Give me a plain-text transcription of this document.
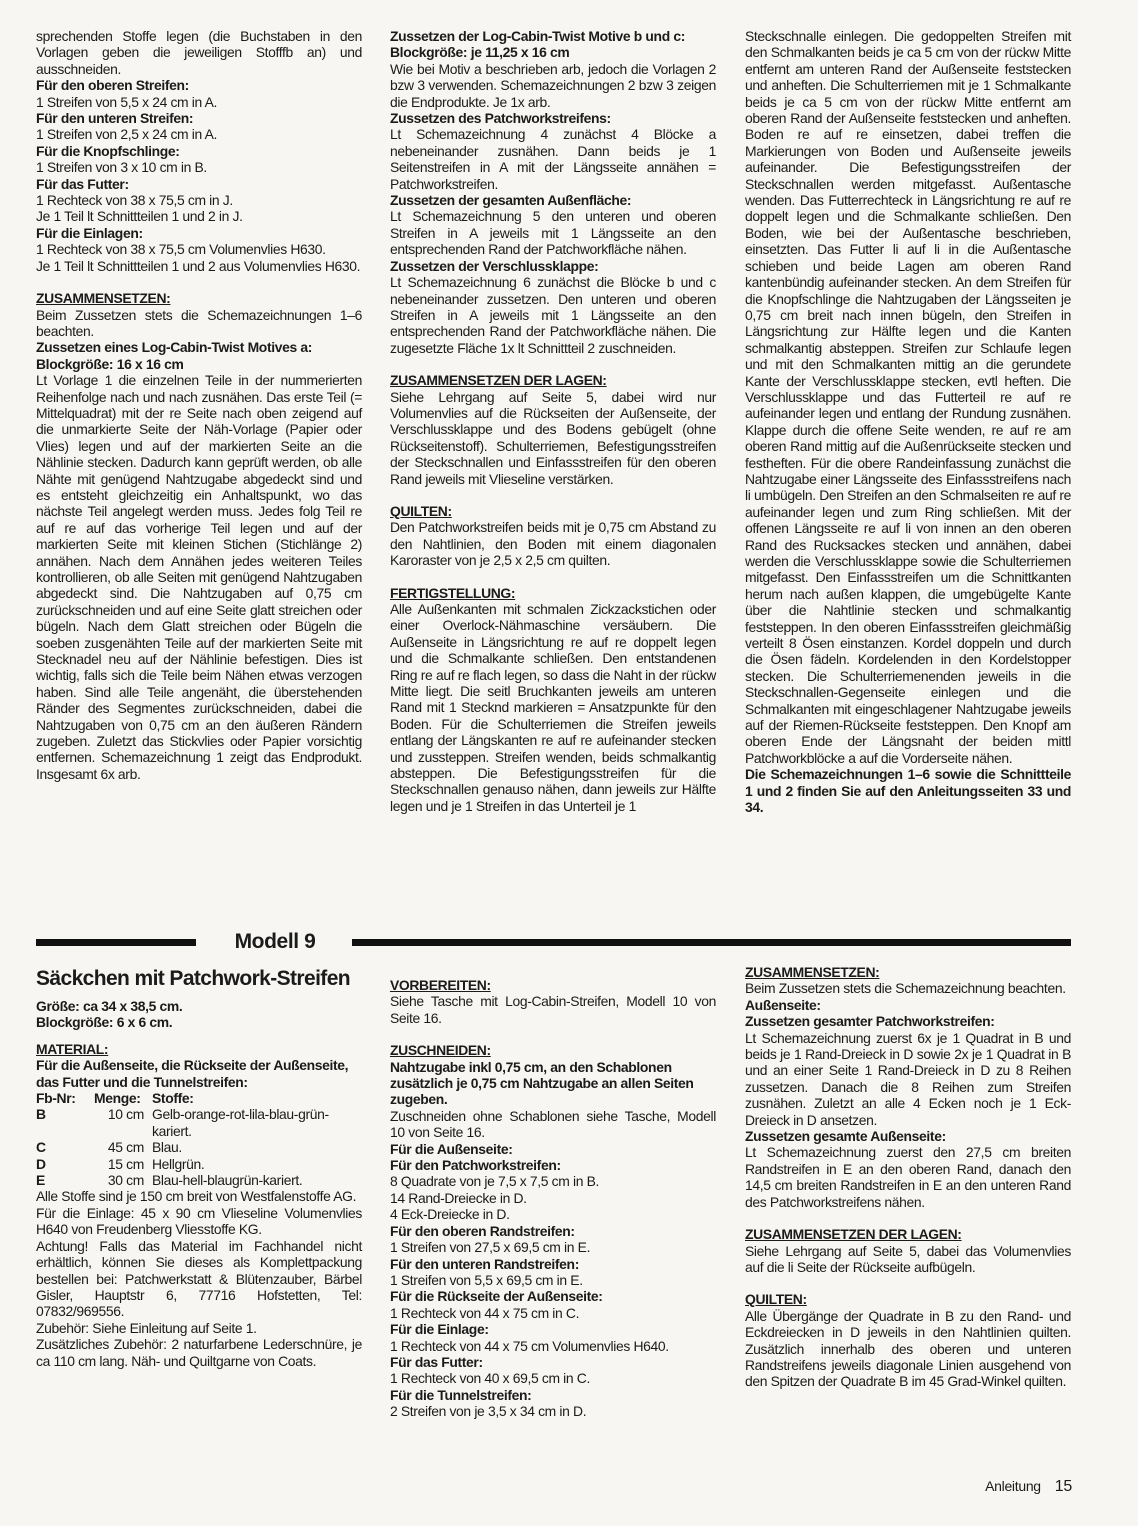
sprechenden Stoffe legen (die Buchstaben in den Vorlagen geben die jeweiligen Stofffb an) und ausschneiden.

Für den oberen Streifen:

1 Streifen von 5,5 x 24 cm in A.

Für den unteren Streifen:

1 Streifen von 2,5 x 24 cm in A.

Für die Knopfschlinge:

1 Streifen von 3 x 10 cm in B.

Für das Futter:

1 Rechteck von 38 x 75,5 cm in J.

Je 1 Teil lt Schnittteilen 1 und 2 in J.

Für die Einlagen:

1 Rechteck von 38 x 75,5 cm Volumenvlies H630.

Je 1 Teil lt Schnittteilen 1 und 2 aus Volumenvlies H630.

ZUSAMMENSETZEN:

Beim Zussetzen stets die Schemazeichnungen 1–6 beachten.

Zussetzen eines Log-Cabin-Twist Motives a: Blockgröße: 16 x 16 cm

Lt Vorlage 1 die einzelnen Teile in der nummerierten Reihenfolge nach und nach zusnähen. Das erste Teil (= Mittelquadrat) mit der re Seite nach oben zeigend auf die unmarkierte Seite der Näh-Vorlage (Papier oder Vlies) legen und auf der markierten Seite an die Nählinie stecken. Dadurch kann geprüft werden, ob alle Nähte mit genügend Nahtzugabe abgedeckt sind und es entsteht gleichzeitig ein Anhaltspunkt, wo das nächste Teil angelegt werden muss. Jedes folg Teil re auf re auf das vorherige Teil legen und auf der markierten Seite mit kleinen Stichen (Stichlänge 2) annähen. Nach dem Annähen jedes weiteren Teiles kontrollieren, ob alle Seiten mit genügend Nahtzugaben abgedeckt sind. Die Nahtzugaben auf 0,75 cm zurückschneiden und auf eine Seite glatt streichen oder bügeln. Nach dem Glatt streichen oder Bügeln die soeben zusgenähten Teile auf der markierten Seite mit Stecknadel neu auf der Nählinie befestigen. Dies ist wichtig, falls sich die Teile beim Nähen etwas verzogen haben. Sind alle Teile angenäht, die überstehenden Ränder des Segmentes zurückschneiden, dabei die Nahtzugaben von 0,75 cm an den äußeren Rändern zugeben. Zuletzt das Stickvlies oder Papier vorsichtig entfernen. Schemazeichnung 1 zeigt das Endprodukt. Insgesamt 6x arb.

Zussetzen der Log-Cabin-Twist Motive b und c: Blockgröße: je 11,25 x 16 cm

Wie bei Motiv a beschrieben arb, jedoch die Vorlagen 2 bzw 3 verwenden. Schemazeichnungen 2 bzw 3 zeigen die Endprodukte. Je 1x arb.

Zussetzen des Patchworkstreifens:

Lt Schemazeichnung 4 zunächst 4 Blöcke a nebeneinander zusnähen. Dann beids je 1 Seitenstreifen in A mit der Längsseite annähen = Patchworkstreifen.

Zussetzen der gesamten Außenfläche:

Lt Schemazeichnung 5 den unteren und oberen Streifen in A jeweils mit 1 Längsseite an den entsprechenden Rand der Patchworkfläche nähen.

Zussetzen der Verschlussklappe:

Lt Schemazeichnung 6 zunächst die Blöcke b und c nebeneinander zussetzen. Den unteren und oberen Streifen in A jeweils mit 1 Längsseite an den entsprechenden Rand der Patchworkfläche nähen. Die zugesetzte Fläche 1x lt Schnittteil 2 zuschneiden.

ZUSAMMENSETZEN DER LAGEN:

Siehe Lehrgang auf Seite 5, dabei wird nur Volumenvlies auf die Rückseiten der Außenseite, der Verschlussklappe und des Bodens gebügelt (ohne Rückseitenstoff). Schulterriemen, Befestigungsstreifen der Steckschnallen und Einfassstreifen für den oberen Rand jeweils mit Vlieseline verstärken.

QUILTEN:

Den Patchworkstreifen beids mit je 0,75 cm Abstand zu den Nahtlinien, den Boden mit einem diagonalen Karoraster von je 2,5 x 2,5 cm quilten.

FERTIGSTELLUNG:

Alle Außenkanten mit schmalen Zickzackstichen oder einer Overlock-Nähmaschine versäubern. Die Außenseite in Längsrichtung re auf re doppelt legen und die Schmalkante schließen. Den entstandenen Ring re auf re flach legen, so dass die Naht in der rückw Mitte liegt. Die seitl Bruchkanten jeweils am unteren Rand mit 1 Stecknd markieren = Ansatzpunkte für den Boden. Für die Schulterriemen die Streifen jeweils entlang der Längskanten re auf re aufeinander stecken und zussteppen. Streifen wenden, beids schmalkantig absteppen. Die Befestigungsstreifen für die Steckschnallen genauso nähen, dann jeweils zur Hälfte legen und je 1 Streifen in das Unterteil je 1

Steckschnalle einlegen. Die gedoppelten Streifen mit den Schmalkanten beids je ca 5 cm von der rückw Mitte entfernt am unteren Rand der Außenseite feststecken und anheften. Die Schulterriemen mit je 1 Schmalkante beids je ca 5 cm von der rückw Mitte entfernt am oberen Rand der Außenseite feststecken und anheften. Boden re auf re einsetzen, dabei treffen die Markierungen von Boden und Außenseite jeweils aufeinander. Die Befestigungsstreifen der Steckschnallen werden mitgefasst. Außentasche wenden. Das Futterrechteck in Längsrichtung re auf re doppelt legen und die Schmalkante schließen. Den Boden, wie bei der Außentasche beschrieben, einsetzten. Das Futter li auf li in die Außentasche schieben und beide Lagen am oberen Rand kantenbündig aufeinander stecken. An dem Streifen für die Knopfschlinge die Nahtzugaben der Längsseiten je 0,75 cm breit nach innen bügeln, den Streifen in Längsrichtung zur Hälfte legen und die Kanten schmalkantig absteppen. Streifen zur Schlaufe legen und mit den Schmalkanten mittig an die gerundete Kante der Verschlussklappe stecken, evtl heften. Die Verschlussklappe und das Futterteil re auf re aufeinander legen und entlang der Rundung zusnähen. Klappe durch die offene Seite wenden, re auf re am oberen Rand mittig auf die Außenrückseite stecken und festheften. Für die obere Randeinfassung zunächst die Nahtzugabe einer Längsseite des Einfassstreifens nach li umbügeln. Den Streifen an den Schmalseiten re auf re aufeinander legen und zum Ring schließen. Mit der offenen Längsseite re auf li von innen an den oberen Rand des Rucksackes stecken und annähen, dabei werden die Verschlussklappe sowie die Schulterriemen mitgefasst. Den Einfassstreifen um die Schnittkanten herum nach außen klappen, die umgebügelte Kante über die Nahtlinie stecken und schmalkantig feststeppen. In den oberen Einfassstreifen gleichmäßig verteilt 8 Ösen einstanzen. Kordel doppeln und durch die Ösen fädeln. Kordelenden in den Kordelstopper stecken. Die Schulterriemenenden jeweils in die Steckschnallen-Gegenseite einlegen und die Schmalkanten mit eingeschlagener Nahtzugabe jeweils auf der Riemen-Rückseite feststeppen. Den Knopf am oberen Ende der Längsnaht der beiden mittl Patchworkblöcke a auf die Vorderseite nähen.

Die Schemazeichnungen 1–6 sowie die Schnittteile 1 und 2 finden Sie auf den Anleitungsseiten 33 und 34.

Modell 9
Säckchen mit Patchwork-Streifen

Größe: ca 34 x 38,5 cm.

Blockgröße: 6 x 6 cm.

MATERIAL:

Für die Außenseite, die Rückseite der Außenseite, das Futter und die Tunnelstreifen:

Fb-Nr:	Menge:	Stoffe:
B	10 cm	Gelb-orange-rot-lila-blau-grün-kariert.
C	45 cm	Blau.
D	15 cm	Hellgrün.
E	30 cm	Blau-hell-blaugrün-kariert.

Alle Stoffe sind je 150 cm breit von Westfalenstoffe AG.

Für die Einlage: 45 x 90 cm Vlieseline Volumenvlies H640 von Freudenberg Vliesstoffe KG.

Achtung! Falls das Material im Fachhandel nicht erhältlich, können Sie dieses als Komplettpackung bestellen bei: Patchwerkstatt & Blütenzauber, Bärbel Gisler, Hauptstr 6, 77716 Hofstetten, Tel: 07832/969556.

Zubehör: Siehe Einleitung auf Seite 1.

Zusätzliches Zubehör: 2 naturfarbene Lederschnüre, je ca 110 cm lang. Näh- und Quiltgarne von Coats.

VORBEREITEN:

Siehe Tasche mit Log-Cabin-Streifen, Modell 10 von Seite 16.

ZUSCHNEIDEN:

Nahtzugabe inkl 0,75 cm, an den Schablonen zusätzlich je 0,75 cm Nahtzugabe an allen Seiten zugeben.

Zuschneiden ohne Schablonen siehe Tasche, Modell 10 von Seite 16.

Für die Außenseite:

Für den Patchworkstreifen:

8 Quadrate von je 7,5 x 7,5 cm in B.

14 Rand-Dreiecke in D.

4 Eck-Dreiecke in D.

Für den oberen Randstreifen:

1 Streifen von 27,5 x 69,5 cm in E.

Für den unteren Randstreifen:

1 Streifen von 5,5 x 69,5 cm in E.

Für die Rückseite der Außenseite:

1 Rechteck von 44 x 75 cm in C.

Für die Einlage:

1 Rechteck von 44 x 75 cm Volumenvlies H640.

Für das Futter:

1 Rechteck von 40 x 69,5 cm in C.

Für die Tunnelstreifen:

2 Streifen von je 3,5 x 34 cm in D.

ZUSAMMENSETZEN:

Beim Zussetzen stets die Schemazeichnung beachten.

Außenseite:

Zussetzen gesamter Patchworkstreifen:

Lt Schemazeichnung zuerst 6x je 1 Quadrat in B und beids je 1 Rand-Dreieck in D sowie 2x je 1 Quadrat in B und an einer Seite 1 Rand-Dreieck in D zu 8 Reihen zussetzen. Danach die 8 Reihen zum Streifen zusnähen. Zuletzt an alle 4 Ecken noch je 1 Eck-Dreieck in D ansetzen.

Zussetzen gesamte Außenseite:

Lt Schemazeichnung zuerst den 27,5 cm breiten Randstreifen in E an den oberen Rand, danach den 14,5 cm breiten Randstreifen in E an den unteren Rand des Patchworkstreifens nähen.

ZUSAMMENSETZEN DER LAGEN:

Siehe Lehrgang auf Seite 5, dabei das Volumenvlies auf die li Seite der Rückseite aufbügeln.

QUILTEN:

Alle Übergänge der Quadrate in B zu den Rand- und Eckdreiecken in D jeweils in den Nahtlinien quilten. Zusätzlich innerhalb des oberen und unteren Randstreifens jeweils diagonale Linien ausgehend von den Spitzen der Quadrate B im 45 Grad-Winkel quilten.

Anleitung 15
